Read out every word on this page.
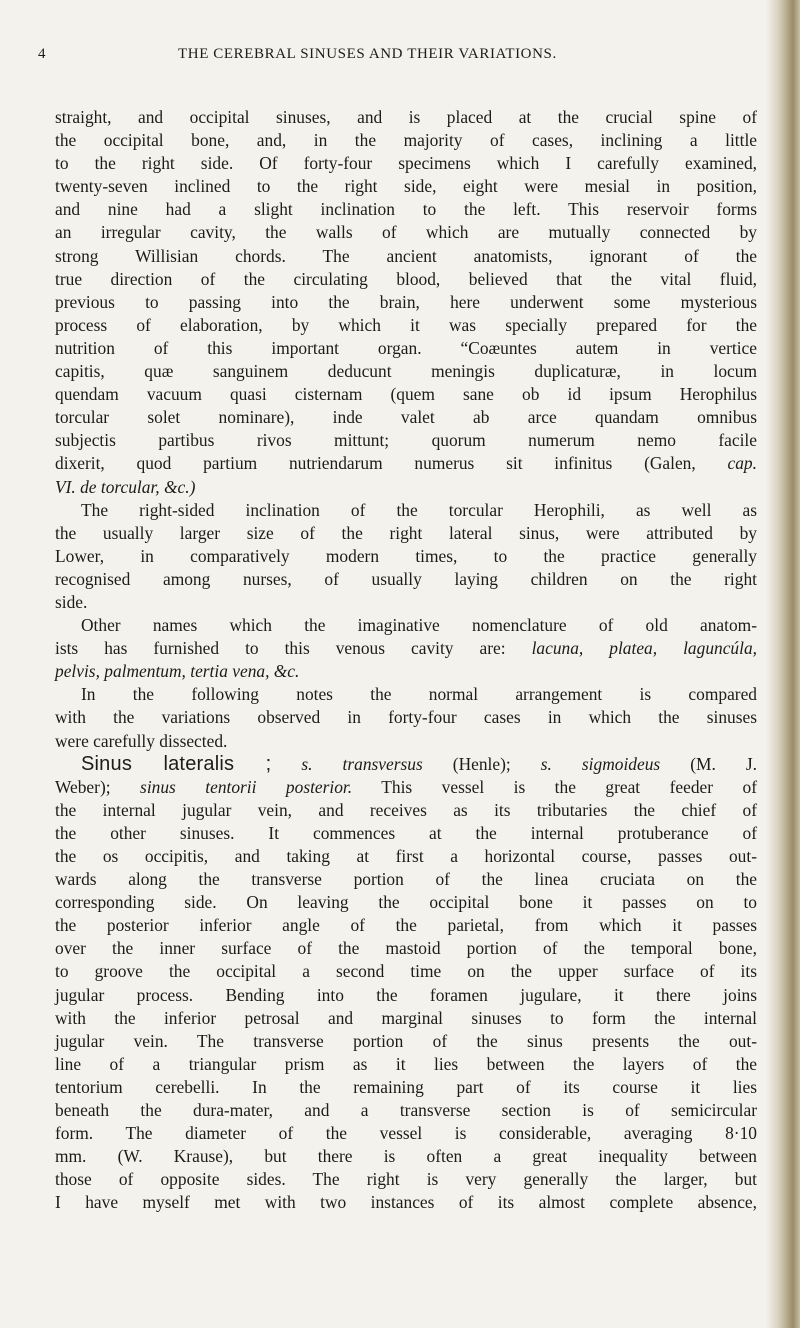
4	THE CEREBRAL SINUSES AND THEIR VARIATIONS.
straight, and occipital sinuses, and is placed at the crucial spine of
the occipital bone, and, in the majority of cases, inclining a little
to the right side. Of forty-four specimens which I carefully examined,
twenty-seven inclined to the right side, eight were mesial in position,
and nine had a slight inclination to the left. This reservoir forms
an irregular cavity, the walls of which are mutually connected by
strong Willisian chords. The ancient anatomists, ignorant of the
true direction of the circulating blood, believed that the vital fluid,
previous to passing into the brain, here underwent some mysterious
process of elaboration, by which it was specially prepared for the
nutrition of this important organ. “Coæuntes autem in vertice
capitis, quæ sanguinem deducunt meningis duplicaturæ, in locum
quendam vacuum quasi cisternam (quem sane ob id ipsum Herophilus
torcular solet nominare), inde valet ab arce quandam omnibus
subjectis partibus rivos mittunt; quorum numerum nemo facile
dixerit, quod partium nutriendarum numerus sit infinitus (Galen, cap.
VI. de torcular, &c.)
The right-sided inclination of the torcular Herophili, as well as
the usually larger size of the right lateral sinus, were attributed by
Lower, in comparatively modern times, to the practice generally
recognised among nurses, of usually laying children on the right
side.
Other names which the imaginative nomenclature of old anatom-
ists has furnished to this venous cavity are: lacuna, platea, laguncúla,
pelvis, palmentum, tertia vena, &c.
In the following notes the normal arrangement is compared
with the variations observed in forty-four cases in which the sinuses
were carefully dissected.
Sinus lateralis ; s. transversus (Henle); s. sigmoideus (M. J.
Weber); sinus tentorii posterior. This vessel is the great feeder of
the internal jugular vein, and receives as its tributaries the chief of
the other sinuses. It commences at the internal protuberance of
the os occipitis, and taking at first a horizontal course, passes out-
wards along the transverse portion of the linea cruciata on the
corresponding side. On leaving the occipital bone it passes on to
the posterior inferior angle of the parietal, from which it passes
over the inner surface of the mastoid portion of the temporal bone,
to groove the occipital a second time on the upper surface of its
jugular process. Bending into the foramen jugulare, it there joins
with the inferior petrosal and marginal sinuses to form the internal
jugular vein. The transverse portion of the sinus presents the out-
line of a triangular prism as it lies between the layers of the
tentorium cerebelli. In the remaining part of its course it lies
beneath the dura-mater, and a transverse section is of semicircular
form. The diameter of the vessel is considerable, averaging 8·10
mm. (W. Krause), but there is often a great inequality between
those of opposite sides. The right is very generally the larger, but
I have myself met with two instances of its almost complete absence,
